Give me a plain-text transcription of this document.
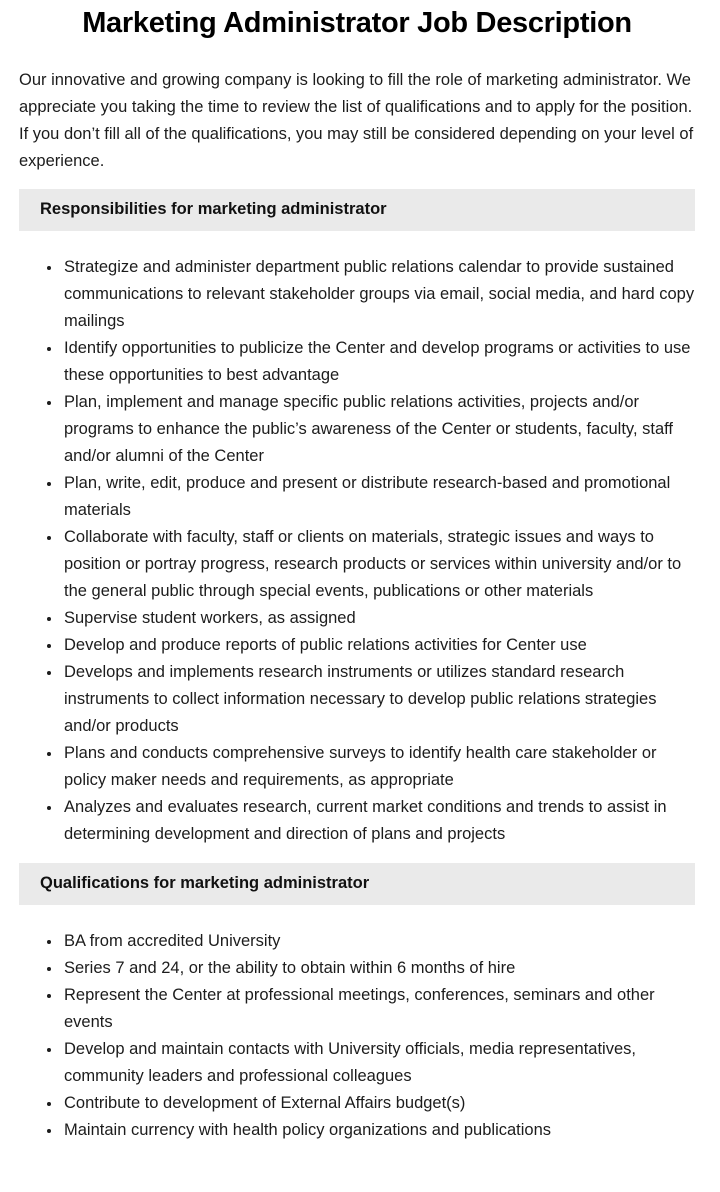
Marketing Administrator Job Description

Our innovative and growing company is looking to fill the role of marketing administrator. We appreciate you taking the time to review the list of qualifications and to apply for the position. If you don’t fill all of the qualifications, you may still be considered depending on your level of experience.

Responsibilities for marketing administrator
• Strategize and administer department public relations calendar to provide sustained communications to relevant stakeholder groups via email, social media, and hard copy mailings
• Identify opportunities to publicize the Center and develop programs or activities to use these opportunities to best advantage
• Plan, implement and manage specific public relations activities, projects and/or programs to enhance the public’s awareness of the Center or students, faculty, staff and/or alumni of the Center
• Plan, write, edit, produce and present or distribute research-based and promotional materials
• Collaborate with faculty, staff or clients on materials, strategic issues and ways to position or portray progress, research products or services within university and/or to the general public through special events, publications or other materials
• Supervise student workers, as assigned
• Develop and produce reports of public relations activities for Center use
• Develops and implements research instruments or utilizes standard research instruments to collect information necessary to develop public relations strategies and/or products
• Plans and conducts comprehensive surveys to identify health care stakeholder or policy maker needs and requirements, as appropriate
• Analyzes and evaluates research, current market conditions and trends to assist in determining development and direction of plans and projects
Qualifications for marketing administrator
• BA from accredited University
• Series 7 and 24, or the ability to obtain within 6 months of hire
• Represent the Center at professional meetings, conferences, seminars and other events
• Develop and maintain contacts with University officials, media representatives, community leaders and professional colleagues
• Contribute to development of External Affairs budget(s)
• Maintain currency with health policy organizations and publications
